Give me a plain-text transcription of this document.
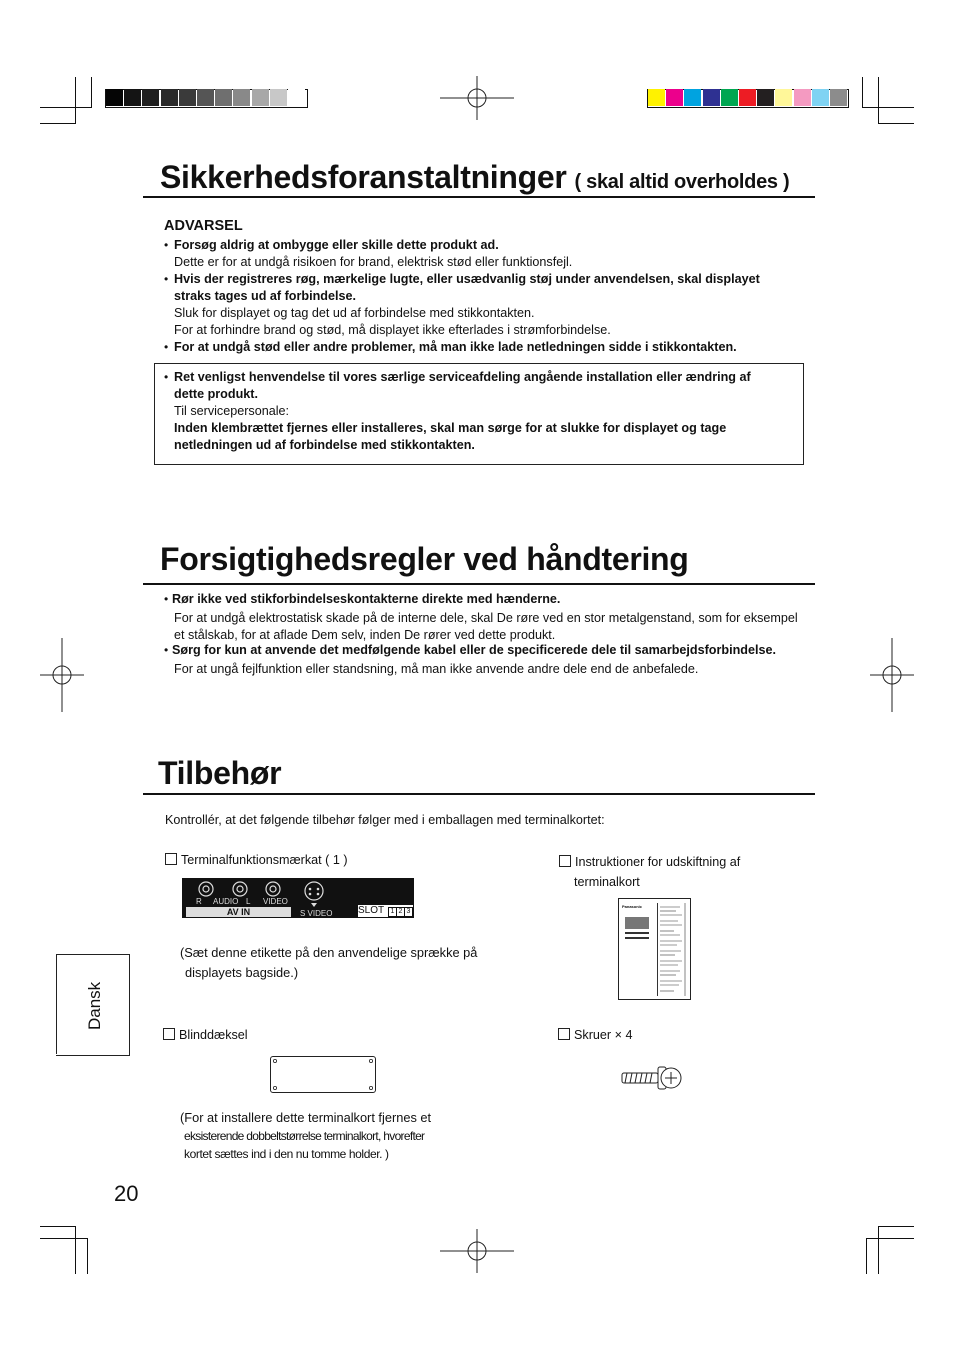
Sikkerhedsforanstaltninger ( skal altid overholdes )
ADVARSEL
• Forsøg aldrig at ombygge eller skille dette produkt ad.
Dette er for at undgå risikoen for brand, elektrisk stød eller funktionsfejl.
• Hvis der registreres røg, mærkelige lugte, eller usædvanlig støj under anvendelsen, skal displayet
straks tages ud af forbindelse.
Sluk for displayet og tag det ud af forbindelse med stikkontakten.
For at forhindre brand og stød, må displayet ikke efterlades i strømforbindelse.
• For at undgå stød eller andre problemer, må man ikke lade netledningen sidde i stikkontakten.
• Ret venligst henvendelse til vores særlige serviceafdeling angående installation eller ændring af
dette produkt.
Til servicepersonale:
Inden klembrættet fjernes eller installeres, skal man sørge for at slukke for displayet og tage
netledningen ud af forbindelse med stikkontakten.
Forsigtighedsregler ved håndtering
• Rør ikke ved stikforbindelseskontakterne direkte med hænderne.
For at undgå elektrostatisk skade på de interne dele, skal De røre ved en stor metalgenstand, som for eksempel
et stålskab, for at aflade Dem selv, inden De rører ved dette produkt.
• Sørg for kun at anvende det medfølgende kabel eller de specificerede dele til samarbejdsforbindelse.
For at ungå fejlfunktion eller standsning, må man ikke anvende andre dele end de anbefalede.
Tilbehør
Kontrollér, at det følgende tilbehør følger med i emballagen med terminalkortet:
Terminalfunktionsmærkat ( 1 )
R AUDIO L VIDEO
S VIDEO
AV IN	SLOT 1 2 3
(Sæt denne etikette på den anvendelige sprække på
displayets bagside.)
Instruktioner for udskiftning af
terminalkort
Panasonic
Blinddæksel
(For at installere dette terminalkort fjernes et
eksisterende dobbeltstørrelse terminalkort, hvorefter
kortet sættes ind i den nu tomme holder. )
Skruer × 4
Dansk
20
